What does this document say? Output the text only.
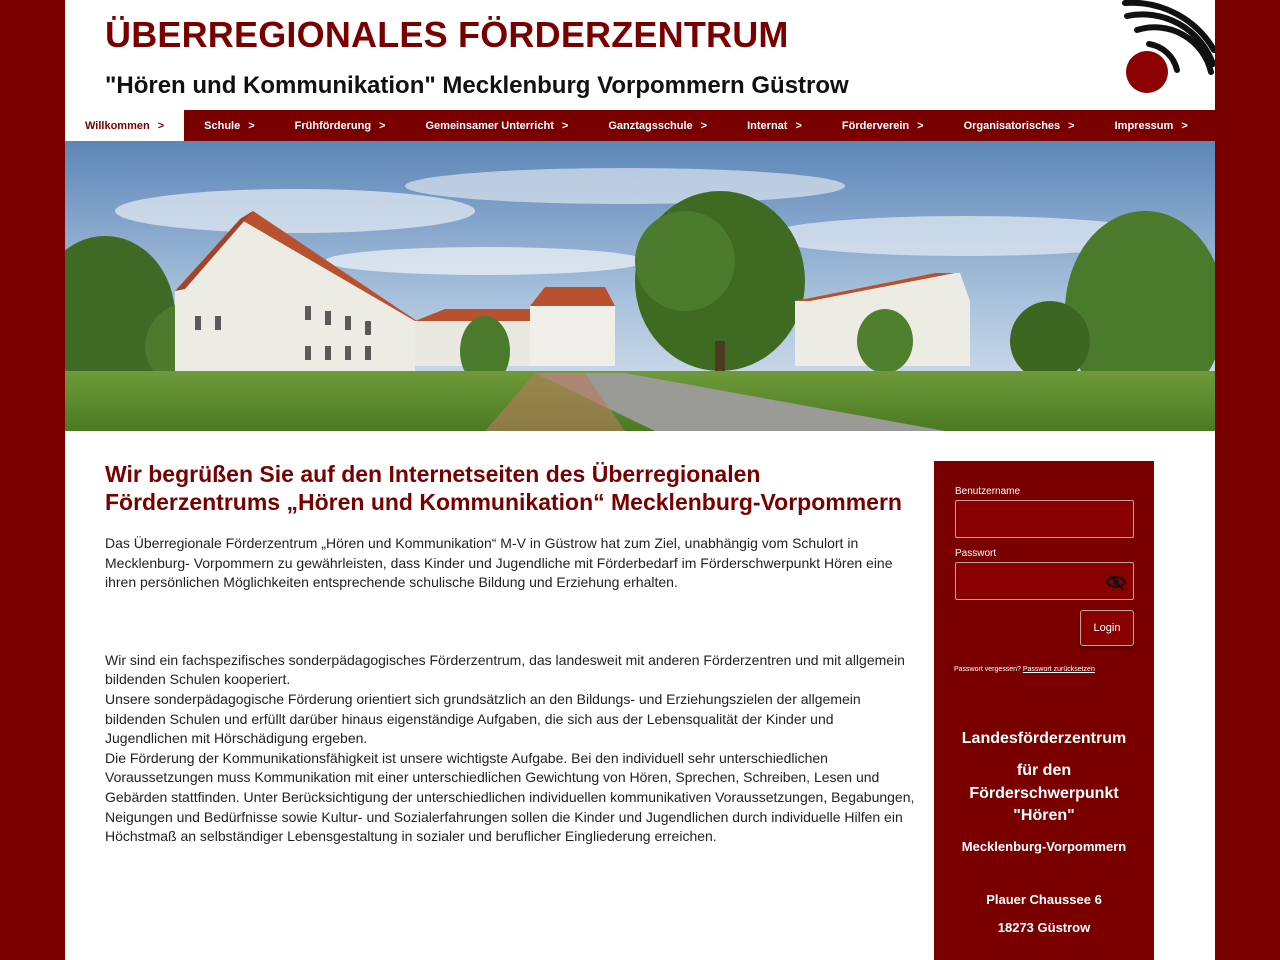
ÜBERREGIONALES FÖRDERZENTRUM
"Hören und Kommunikation" Mecklenburg Vorpommern Güstrow
Willkommen >	Schule >	Frühförderung >	Gemeinsamer Unterricht >	Ganztagsschule >	Internat >	Förderverein >	Organisatorisches >	Impressum >
Wir begrüßen Sie auf den Internetseiten des Überregionalen Förderzentrums „Hören und Kommunikation“ Mecklenburg-Vorpommern

Das Überregionale Förderzentrum „Hören und Kommunikation“ M-V in Güstrow hat zum Ziel, unabhängig vom Schulort in Mecklenburg- Vorpommern zu gewährleisten, dass Kinder und Jugendliche mit Förderbedarf im Förderschwerpunkt Hören eine ihren persönlichen Möglichkeiten entsprechende schulische Bildung und Erziehung erhalten.

Wir sind ein fachspezifisches sonderpädagogisches Förderzentrum, das landesweit mit anderen Förderzentren und mit allgemein bildenden Schulen kooperiert.

Unsere sonderpädagogische Förderung orientiert sich grundsätzlich an den Bildungs- und Erziehungszielen der allgemein bildenden Schulen und erfüllt darüber hinaus eigenständige Aufgaben, die sich aus der Lebensqualität der Kinder und Jugendlichen mit Hörschädigung ergeben.

Die Förderung der Kommunikationsfähigkeit ist unsere wichtigste Aufgabe. Bei den individuell sehr unterschiedlichen Voraussetzungen muss Kommunikation mit einer unterschiedlichen Gewichtung von Hören, Sprechen, Schreiben, Lesen und Gebärden stattfinden. Unter Berücksichtigung der unterschiedlichen individuellen kommunikativen Voraussetzungen, Begabungen, Neigungen und Bedürfnisse sowie Kultur- und Sozialerfahrungen sollen die Kinder und Jugendlichen durch individuelle Hilfen ein Höchstmaß an selbständiger Lebensgestaltung in sozialer und beruflicher Eingliederung erreichen.

Benutzername
Passwort
Login
Passwort vergessen? Passwort zurücksetzen
Landesförderzentrum
für den
Förderschwerpunkt
"Hören"
Mecklenburg-Vorpommern
Plauer Chaussee 6
18273 Güstrow
